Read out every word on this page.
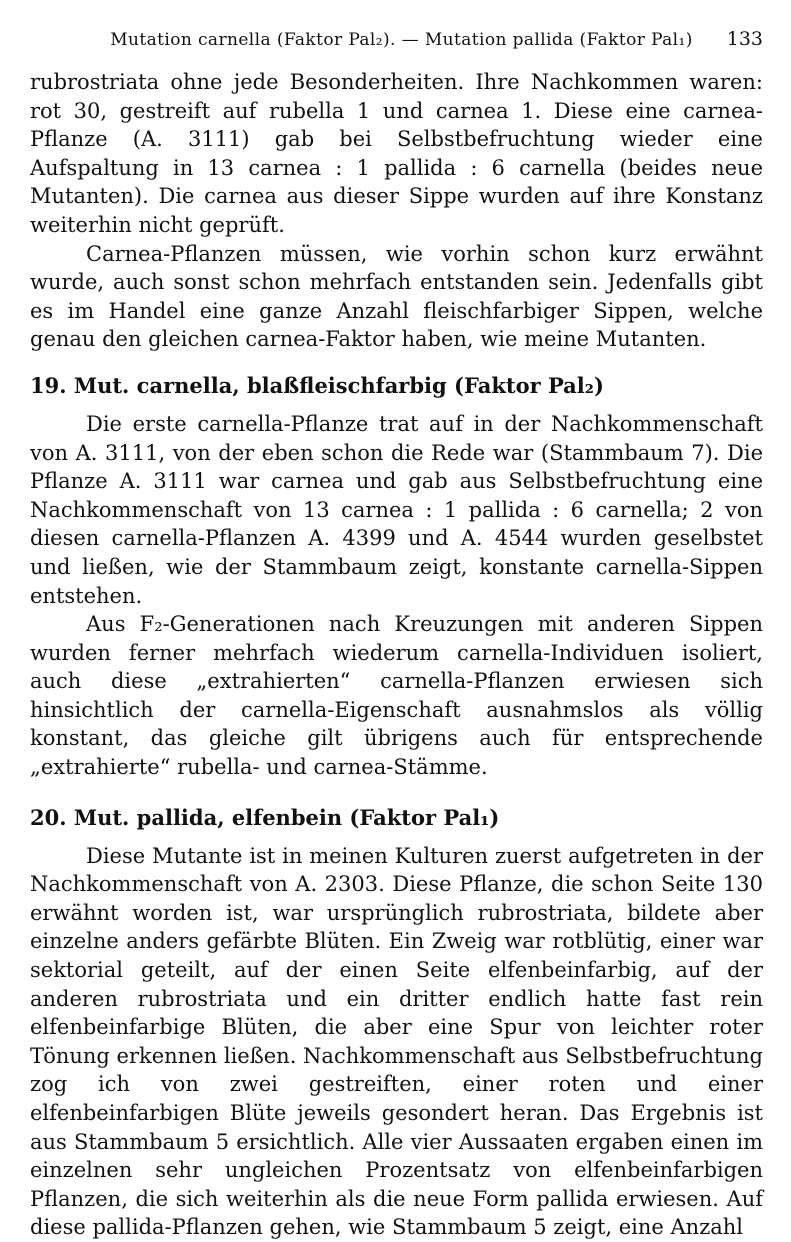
Mutation carnella (Faktor Pal₂). — Mutation pallida (Faktor Pal₁)	133

rubrostriata ohne jede Besonderheiten. Ihre Nachkommen waren: rot 30, gestreift auf rubella 1 und carnea 1. Diese eine carnea-Pflanze (A. 3111) gab bei Selbstbefruchtung wieder eine Aufspaltung in 13 carnea : 1 pallida : 6 carnella (beides neue Mutanten). Die carnea aus dieser Sippe wurden auf ihre Konstanz weiterhin nicht geprüft.

Carnea-Pflanzen müssen, wie vorhin schon kurz erwähnt wurde, auch sonst schon mehrfach entstanden sein. Jedenfalls gibt es im Handel eine ganze Anzahl fleischfarbiger Sippen, welche genau den gleichen carnea-Faktor haben, wie meine Mutanten.

19. Mut. carnella, blaßfleischfarbig (Faktor Pal₂)

Die erste carnella-Pflanze trat auf in der Nachkommenschaft von A. 3111, von der eben schon die Rede war (Stammbaum 7). Die Pflanze A. 3111 war carnea und gab aus Selbstbefruchtung eine Nachkommenschaft von 13 carnea : 1 pallida : 6 carnella; 2 von diesen carnella-Pflanzen A. 4399 und A. 4544 wurden geselbstet und ließen, wie der Stammbaum zeigt, konstante carnella-Sippen entstehen.

Aus F₂-Generationen nach Kreuzungen mit anderen Sippen wurden ferner mehrfach wiederum carnella-Individuen isoliert, auch diese „extrahierten“ carnella-Pflanzen erwiesen sich hinsichtlich der carnella-Eigenschaft ausnahmslos als völlig konstant, das gleiche gilt übrigens auch für entsprechende „extrahierte“ rubella- und carnea-Stämme.

20. Mut. pallida, elfenbein (Faktor Pal₁)

Diese Mutante ist in meinen Kulturen zuerst aufgetreten in der Nachkommenschaft von A. 2303. Diese Pflanze, die schon Seite 130 erwähnt worden ist, war ursprünglich rubrostriata, bildete aber einzelne anders gefärbte Blüten. Ein Zweig war rotblütig, einer war sektorial geteilt, auf der einen Seite elfenbeinfarbig, auf der anderen rubrostriata und ein dritter endlich hatte fast rein elfenbeinfarbige Blüten, die aber eine Spur von leichter roter Tönung erkennen ließen. Nachkommenschaft aus Selbstbefruchtung zog ich von zwei gestreiften, einer roten und einer elfenbeinfarbigen Blüte jeweils gesondert heran. Das Ergebnis ist aus Stammbaum 5 ersichtlich. Alle vier Aussaaten ergaben einen im einzelnen sehr ungleichen Prozentsatz von elfenbeinfarbigen Pflanzen, die sich weiterhin als die neue Form pallida erwiesen. Auf diese pallida-Pflanzen gehen, wie Stammbaum 5 zeigt, eine Anzahl
